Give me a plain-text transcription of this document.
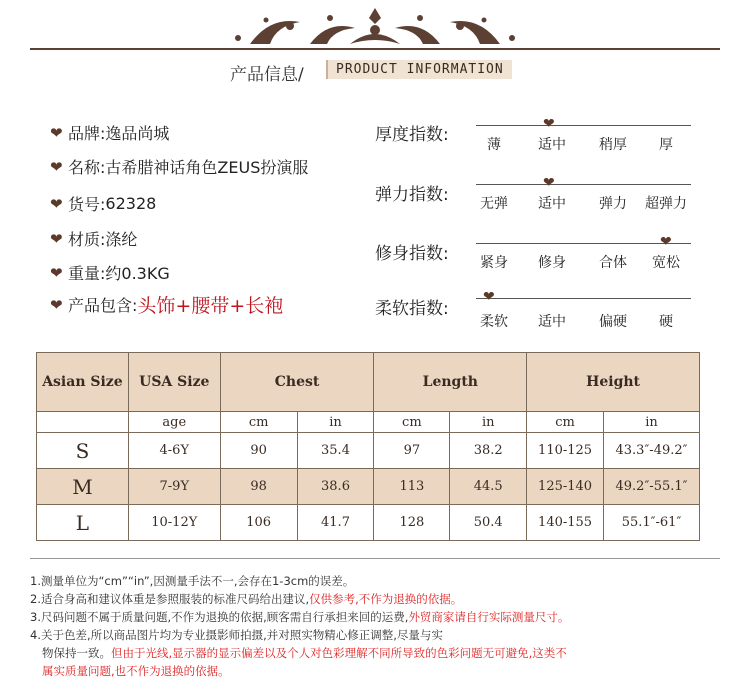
产品信息/	PRODUCT INFORMATION
❤ 品牌: 逸品尚城
❤ 名称: 古希腊神话角色ZEUS扮演服
❤ 货号: 62328
❤ 材质: 涤纶
❤ 重量: 约0.3KG
❤ 产品包含: 头饰+腰带+长袍
厚度指数:
❤
薄	适中	稍厚	厚
弹力指数:
❤
无弹	适中	弹力	超弹力
修身指数:
❤
紧身	修身	合体	宽松
柔软指数:
❤
柔软	适中	偏硬	硬
Asian Size	USA Size	Chest		Length		Height	
	age	cm	in	cm	in	cm	in
S	4-6Y	90	35.4	97	38.2	110-125	43.3″-49.2″
M	7-9Y	98	38.6	113	44.5	125-140	49.2″-55.1″
L	10-12Y	106	41.7	128	50.4	140-155	55.1″-61″
1.测量单位为“cm”“in”,因测量手法不一,会存在1-3cm的误差。
2.适合身高和建议体重是参照服装的标准尺码给出建议,仅供参考,不作为退换的依据。
3.尺码问题不属于质量问题,不作为退换的依据,顾客需自行承担来回的运费,外贸商家请自行实际测量尺寸。
4.关于色差,所以商品图片均为专业摄影师拍摄,并对照实物精心修正调整,尽量与实
物保持一致。但由于光线,显示器的显示偏差以及个人对色彩理解不同所导致的色彩问题无可避免,这类不
属实质量问题,也不作为退换的依据。
